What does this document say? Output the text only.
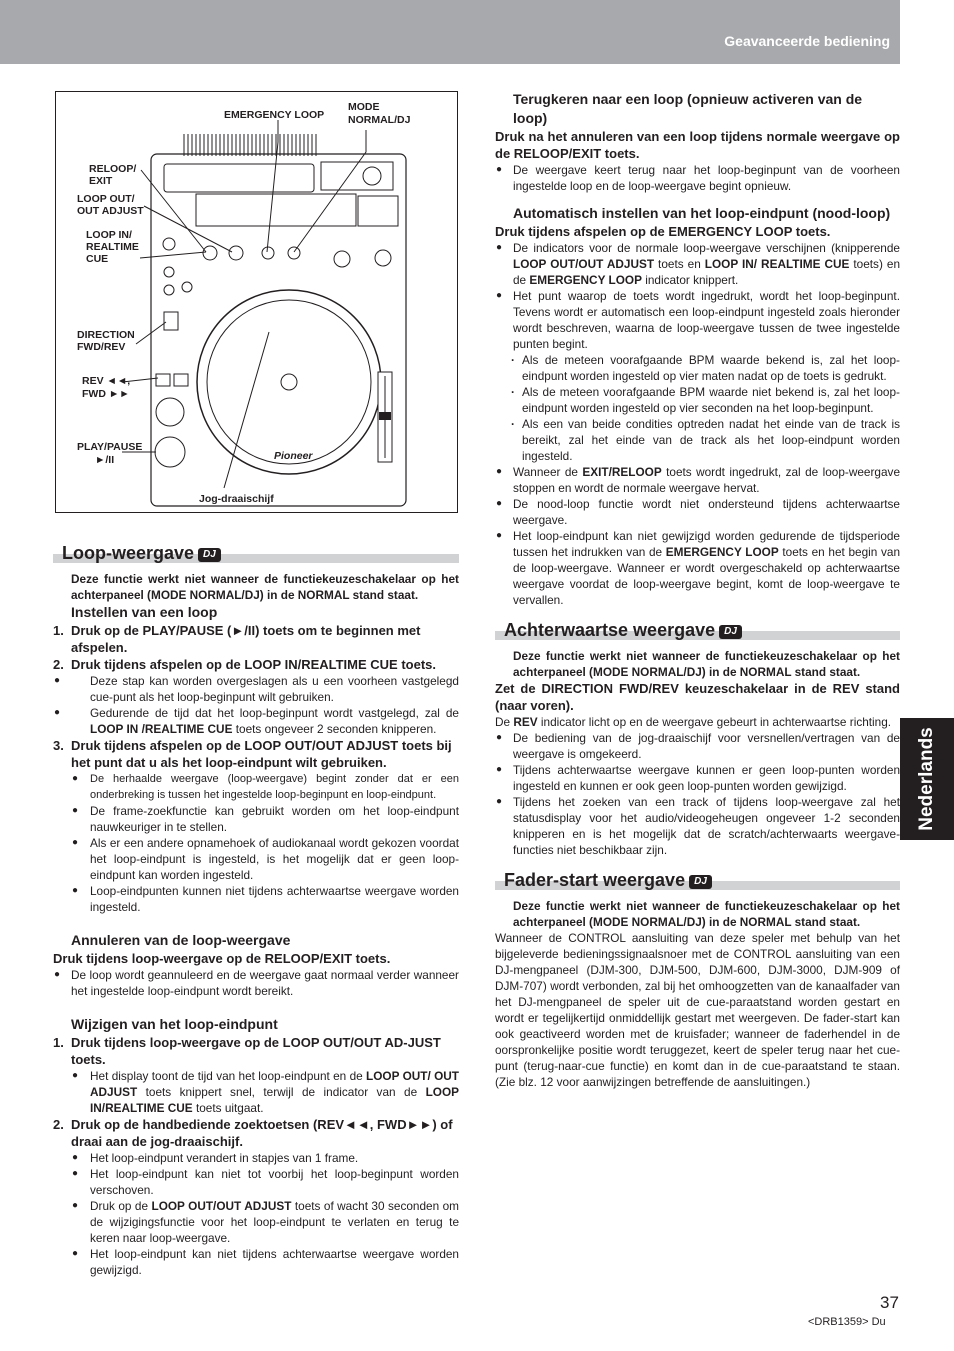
Geavanceerde bediening
Nederlands
Pioneer
EMERGENCY LOOP
MODE
NORMAL/DJ
RELOOP/
EXIT
LOOP OUT/
OUT ADJUST
LOOP IN/
REALTIME
CUE
DIRECTION
FWD/REV
REV ◄◄,
FWD ►►
PLAY/PAUSE
►/II
Jog-draaischijf
Loop-weergave DJ
Deze functie werkt niet wanneer de functiekeuzeschakelaar op het achterpaneel (MODE NORMAL/DJ) in de NORMAL stand staat.
Instellen van een loop
1. Druk op de PLAY/PAUSE (►/II) toets om te beginnen met afspelen.
2. Druk tijdens afspelen op de LOOP IN/REALTIME CUE toets.
● Deze stap kan worden overgeslagen als u een voorheen vastgelegd cue-punt als het loop-beginpunt wilt gebruiken.
● Gedurende de tijd dat het loop-beginpunt wordt vastgelegd, zal de LOOP IN /REALTIME CUE toets ongeveer 2 seconden knipperen.
3. Druk tijdens afspelen op de LOOP OUT/OUT ADJUST toets bij het punt dat u als het loop-eindpunt wilt gebruiken.
● De herhaalde weergave (loop-weergave) begint zonder dat er een onderbreking is tussen het ingestelde loop-beginpunt en loop-eindpunt.
● De frame-zoekfunctie kan gebruikt worden om het loop-eindpunt nauwkeuriger in te stellen.
● Als er een andere opnamehoek of audiokanaal wordt gekozen voordat het loop-eindpunt is ingesteld, is het mogelijk dat er geen loop-eindpunt kan worden ingesteld.
● Loop-eindpunten kunnen niet tijdens achterwaartse weergave worden ingesteld.
Annuleren van de loop-weergave
Druk tijdens loop-weergave op de RELOOP/EXIT toets.
● De loop wordt geannuleerd en de weergave gaat normaal verder wanneer het ingestelde loop-eindpunt wordt bereikt.
Wijzigen van het loop-eindpunt
1. Druk tijdens loop-weergave op de LOOP OUT/OUT AD-JUST toets.
● Het display toont de tijd van het loop-eindpunt en de LOOP OUT/ OUT ADJUST toets knippert snel, terwijl de indicator van de LOOP IN/REALTIME CUE toets uitgaat.
2. Druk op de handbediende zoektoetsen (REV◄◄, FWD►►) of draai aan de jog-draaischijf.
● Het loop-eindpunt verandert in stapjes van 1 frame.
● Het loop-eindpunt kan niet tot voorbij het loop-beginpunt worden verschoven.
● Druk op de LOOP OUT/OUT ADJUST toets of wacht 30 seconden om de wijzigingsfunctie voor het loop-eindpunt te verlaten en terug te keren naar loop-weergave.
● Het loop-eindpunt kan niet tijdens achterwaartse weergave worden gewijzigd.
Terugkeren naar een loop (opnieuw activeren van de loop)
Druk na het annuleren van een loop tijdens normale weergave op de RELOOP/EXIT toets.
● De weergave keert terug naar het loop-beginpunt van de voorheen ingestelde loop en de loop-weergave begint opnieuw.
Automatisch instellen van het loop-eindpunt (nood-loop)
Druk tijdens afspelen op de EMERGENCY LOOP toets.
● De indicators voor de normale loop-weergave verschijnen (knipperende LOOP OUT/OUT ADJUST toets en LOOP IN/ REALTIME CUE toets) en de EMERGENCY LOOP indicator knippert.
● Het punt waarop de toets wordt ingedrukt, wordt het loop-beginpunt. Tevens wordt er automatisch een loop-eindpunt ingesteld zoals hieronder wordt beschreven, waarna de loop-weergave tussen de twee ingestelde punten begint.
· Als de meteen voorafgaande BPM waarde bekend is, zal het loop-eindpunt worden ingesteld op vier maten nadat op de toets is gedrukt.
· Als de meteen voorafgaande BPM waarde niet bekend is, zal het loop-eindpunt worden ingesteld op vier seconden na het loop-beginpunt.
· Als een van beide condities optreden nadat het einde van de track is bereikt, zal het einde van de track als het loop-eindpunt worden ingesteld.
● Wanneer de EXIT/RELOOP toets wordt ingedrukt, zal de loop-weergave stoppen en wordt de normale weergave hervat.
● De nood-loop functie wordt niet ondersteund tijdens achterwaartse weergave.
● Het loop-eindpunt kan niet gewijzigd worden gedurende de tijdsperiode tussen het indrukken van de EMERGENCY LOOP toets en het begin van de loop-weergave. Wanneer er wordt overgeschakeld op achterwaartse weergave voordat de loop-weergave begint, komt de loop-weergave te vervallen.
Achterwaartse weergave DJ
Deze functie werkt niet wanneer de functiekeuzeschakelaar op het achterpaneel (MODE NORMAL/DJ) in de NORMAL stand staat.
Zet de DIRECTION FWD/REV keuzeschakelaar in de REV stand (naar voren).
De REV indicator licht op en de weergave gebeurt in achterwaartse richting.
● De bediening van de jog-draaischijf voor versnellen/vertragen van de weergave is omgekeerd.
● Tijdens achterwaartse weergave kunnen er geen loop-punten worden ingesteld en kunnen er ook geen loop-punten worden gewijzigd.
● Tijdens het zoeken van een track of tijdens loop-weergave zal het statusdisplay voor het audio/videogeheugen ongeveer 1-2 seconden knipperen en is het mogelijk dat de scratch/achterwaarts weergave-functies niet beschikbaar zijn.
Fader-start weergave DJ
Deze functie werkt niet wanneer de functiekeuzeschakelaar op het achterpaneel (MODE NORMAL/DJ) in de NORMAL stand staat.
Wanneer de CONTROL aansluiting van deze speler met behulp van het bijgeleverde bedieningssignaalsnoer met de CONTROL aansluiting van een DJ-mengpaneel (DJM-300, DJM-500, DJM-600, DJM-3000, DJM-909 of DJM-707) wordt verbonden, zal bij het omhoogzetten van de kanaalfader van het DJ-mengpaneel de speler uit de cue-paraatstand worden gestart en wordt er tegelijkertijd onmiddellijk gestart met weergeven. De fader-start kan ook geactiveerd worden met de kruisfader; wanneer de faderhendel in de oorspronkelijke positie wordt teruggezet, keert de speler terug naar het cue-punt (terug-naar-cue functie) en komt dan in de cue-paraatstand te staan. (Zie blz. 12 voor aanwijzingen betreffende de aansluitingen.)
37
<DRB1359> Du
